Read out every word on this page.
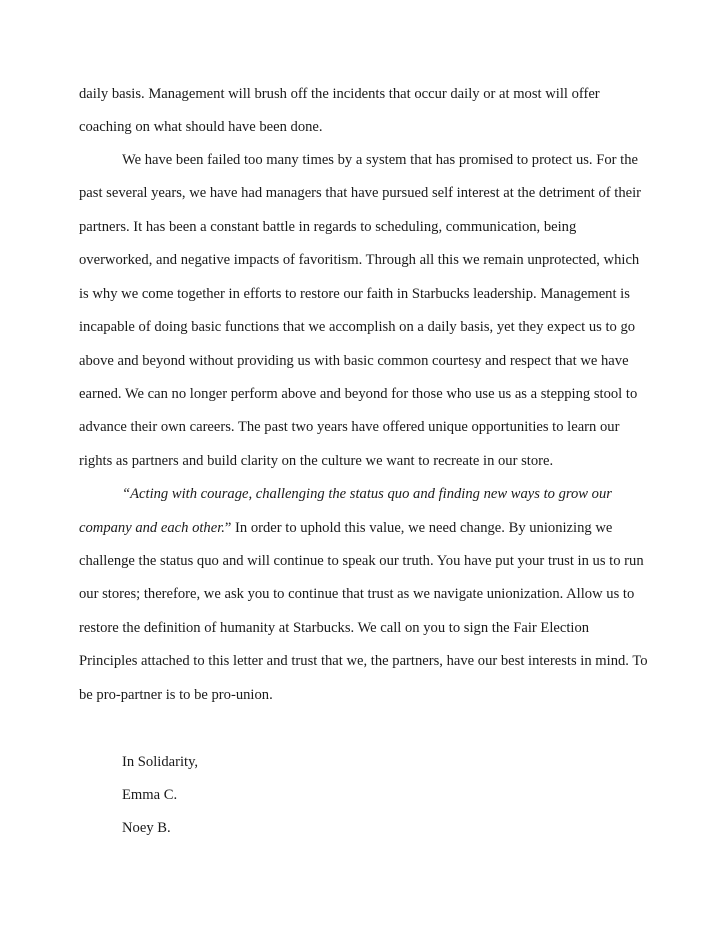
daily basis. Management will brush off the incidents that occur daily or at most will offer

coaching on what should have been done.

We have been failed too many times by a system that has promised to protect us. For the

past several years, we have had managers that have pursued self interest at the detriment of their

partners. It has been a constant battle in regards to scheduling, communication, being

overworked, and negative impacts of favoritism. Through all this we remain unprotected, which

is why we come together in efforts to restore our faith in Starbucks leadership. Management is

incapable of doing basic functions that we accomplish on a daily basis, yet they expect us to go

above and beyond without providing us with basic common courtesy and respect that we have

earned. We can no longer perform above and beyond for those who use us as a stepping stool to

advance their own careers. The past two years have offered unique opportunities to learn our

rights as partners and build clarity on the culture we want to recreate in our store.

“Acting with courage, challenging the status quo and finding new ways to grow our

company and each other.” In order to uphold this value, we need change. By unionizing we

challenge the status quo and will continue to speak our truth. You have put your trust in us to run

our stores; therefore, we ask you to continue that trust as we navigate unionization. Allow us to

restore the definition of humanity at Starbucks. We call on you to sign the Fair Election

Principles attached to this letter and trust that we, the partners, have our best interests in mind. To

be pro-partner is to be pro-union.

In Solidarity,

Emma C.

Noey B.
